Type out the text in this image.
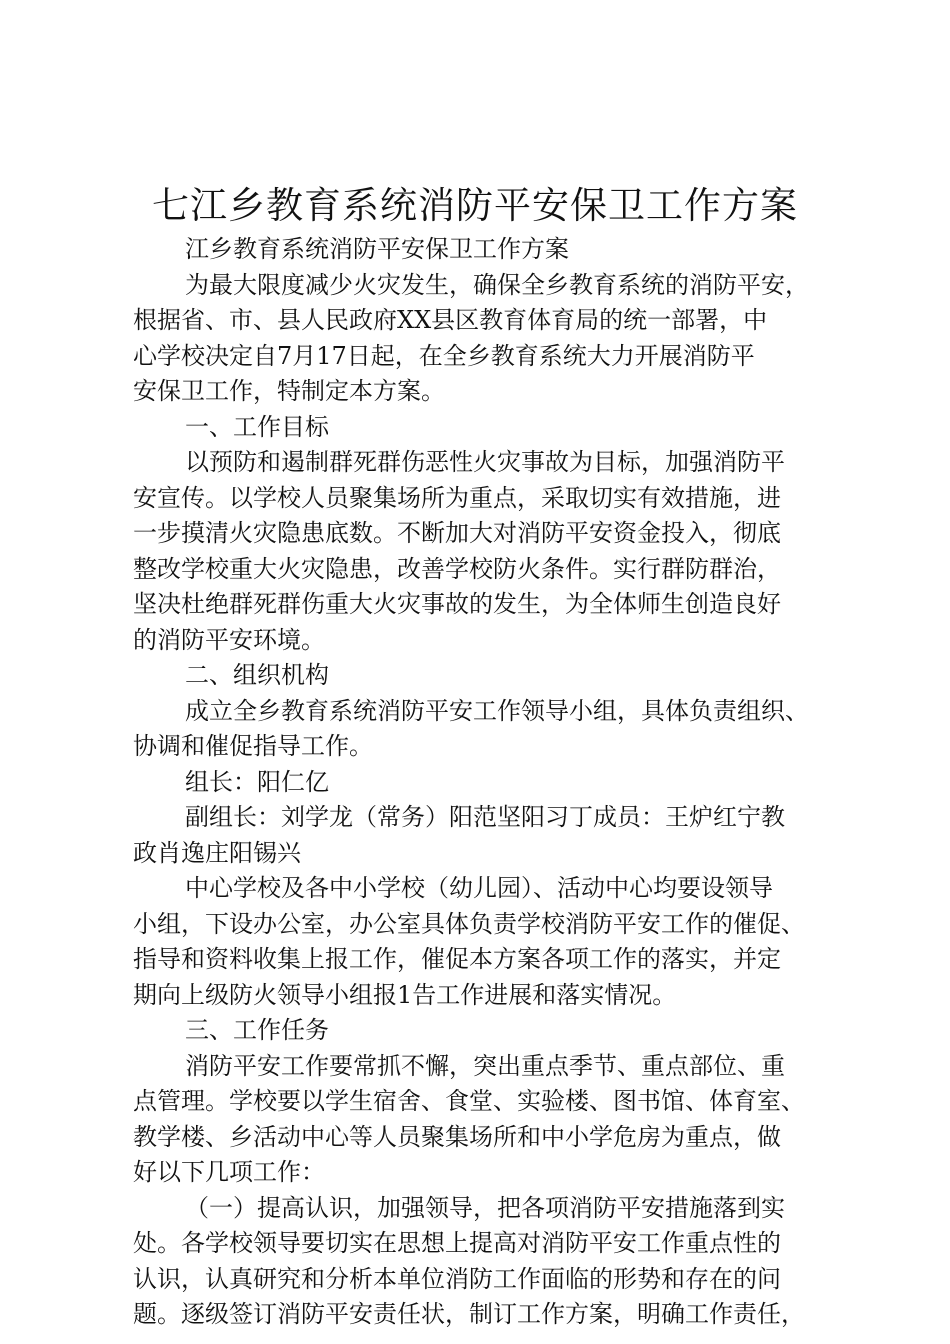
七江乡教育系统消防平安保卫工作方案
江乡教育系统消防平安保卫工作方案
为最大限度减少火灾发生，确保全乡教育系统的消防平安，
根据省、市、县人民政府XX县区教育体育局的统一部署，中
心学校决定自7月17日起，在全乡教育系统大力开展消防平
安保卫工作，特制定本方案。
一、工作目标
以预防和遏制群死群伤恶性火灾事故为目标，加强消防平
安宣传。以学校人员聚集场所为重点，采取切实有效措施，进
一步摸清火灾隐患底数。不断加大对消防平安资金投入，彻底
整改学校重大火灾隐患，改善学校防火条件。实行群防群治，
坚决杜绝群死群伤重大火灾事故的发生，为全体师生创造良好
的消防平安环境。
二、组织机构
成立全乡教育系统消防平安工作领导小组，具体负责组织、
协调和催促指导工作。
组长：阳仁亿
副组长：刘学龙（常务）阳范坚阳习丁成员：王炉红宁教
政肖逸庄阳锡兴
中心学校及各中小学校（幼儿园）、活动中心均要设领导
小组，下设办公室，办公室具体负责学校消防平安工作的催促、
指导和资料收集上报工作，催促本方案各项工作的落实，并定
期向上级防火领导小组报1告工作进展和落实情况。
三、工作任务
消防平安工作要常抓不懈，突出重点季节、重点部位、重
点管理。学校要以学生宿舍、食堂、实验楼、图书馆、体育室、
教学楼、乡活动中心等人员聚集场所和中小学危房为重点，做
好以下几项工作：
（一）提高认识，加强领导，把各项消防平安措施落到实
处。各学校领导要切实在思想上提高对消防平安工作重点性的
认识，认真研究和分析本单位消防工作面临的形势和存在的问
题。逐级签订消防平安责任状，制订工作方案，明确工作责任，
